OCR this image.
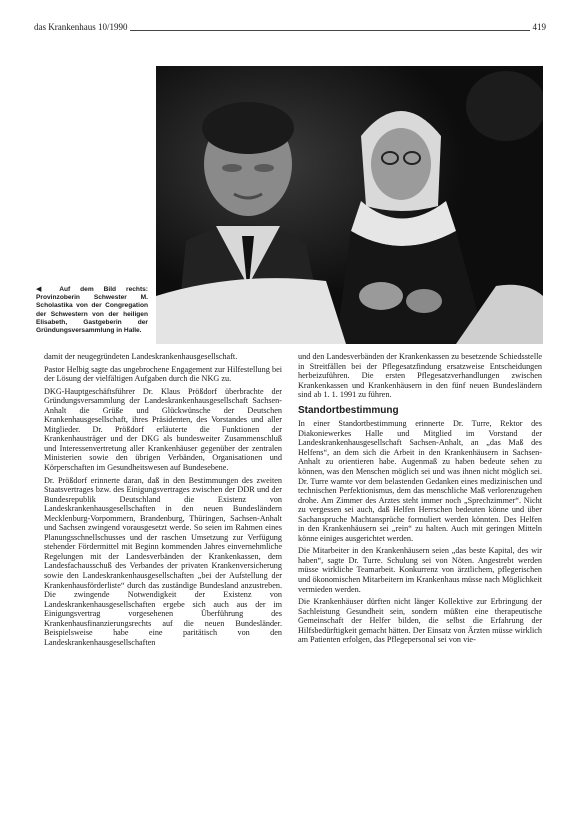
das Krankenhaus 10/1990	419
◀ Auf dem Bild rechts: Provinzoberin Schwester M. Scholastika von der Congregation der Schwestern von der heiligen Elisabeth, Gastgeberin der Gründungsversammlung in Halle.

damit der neugegründeten Landeskrankenhausgesellschaft.

Pastor Helbig sagte das ungebrochene Engagement zur Hilfestellung bei der Lösung der vielfältigen Aufgaben durch die NKG zu.

DKG-Hauptgeschäftsführer Dr. Klaus Prößdorf überbrachte der Gründungsversammlung der Landeskrankenhausgesellschaft Sachsen-Anhalt die Grüße und Glückwünsche der Deutschen Krankenhausgesellschaft, ihres Präsidenten, des Vorstandes und aller Mitglieder. Dr. Prößdorf erläuterte die Funktionen der Krankenhausträger und der DKG als bundesweiter Zusammenschluß und Interessenvertretung aller Krankenhäuser gegenüber der zentralen Ministerien sowie den übrigen Verbänden, Organisationen und Körperschaften im Gesundheitswesen auf Bundesebene.

Dr. Prößdorf erinnerte daran, daß in den Bestimmungen des zweiten Staatsvertrages bzw. des Einigungsvertrages zwischen der DDR und der Bundesrepublik Deutschland die Existenz von Landeskrankenhausgesellschaften in den neuen Bundesländern Mecklenburg-Vorpommern, Brandenburg, Thüringen, Sachsen-Anhalt und Sachsen zwingend vorausgesetzt werde. So seien im Rahmen eines Planungsschnellschusses und der raschen Umsetzung zur Verfügung stehender Fördermittel mit Beginn kommenden Jahres einvernehmliche Regelungen mit der Landesverbänden der Krankenkassen, dem Landesfachausschuß des Verbandes der privaten Krankenversicherung sowie den Landeskrankenhausgesellschaften „bei der Aufstellung der Krankenhausförderliste“ durch das zuständige Bundesland anzustreben. Die zwingende Notwendigkeit der Existenz von Landeskrankenhausgesellschaften ergebe sich auch aus der im Einigungsvertrag vorgesehenen Überführung des Krankenhausfinanzierungsrechts auf die neuen Bundesländer. Beispielsweise habe eine paritätisch von den Landeskrankenhausgesellschaften

und den Landesverbänden der Krankenkassen zu besetzende Schiedsstelle in Streitfällen bei der Pflegesatzfindung ersatzweise Entscheidungen herbeizuführen. Die ersten Pflegesatzverhandlungen zwischen Krankenkassen und Krankenhäusern in den fünf neuen Bundesländern sind ab 1. 1. 1991 zu führen.

Standortbestimmung

In einer Standortbestimmung erinnerte Dr. Turre, Rektor des Diakoniewerkes Halle und Mitglied im Vorstand der Landeskrankenhausgesellschaft Sachsen-Anhalt, an „das Maß des Helfens“, an dem sich die Arbeit in den Krankenhäusern in Sachsen-Anhalt zu orientieren habe. Augenmaß zu haben bedeute sehen zu können, was den Menschen möglich sei und was ihnen nicht möglich sei. Dr. Turre warnte vor dem belastenden Gedanken eines medizinischen und technischen Perfektionismus, dem das menschliche Maß verlorenzugehen drohe. Am Zimmer des Arztes steht immer noch „Sprechzimmer“. Nicht zu vergessen sei auch, daß Helfen Herrschen bedeuten könne und über Sachanspruche Machtansprüche formuliert werden könnten. Des Helfen in den Krankenhäusern sei „rein“ zu halten. Auch mit geringen Mitteln könne einiges ausgerichtet werden.

Die Mitarbeiter in den Krankenhäusern seien „das beste Kapital, des wir haben“, sagte Dr. Turre. Schulung sei von Nöten. Angestrebt werden müsse wirkliche Teamarbeit. Konkurrenz von ärztlichem, pflegerischen und ökonomischen Mitarbeitern im Krankenhaus müsse nach Möglichkeit vermieden werden.

Die Krankenhäuser dürften nicht länger Kollektive zur Erbringung der Sachleistung Gesundheit sein, sondern müßten eine therapeutische Gemeinschaft der Helfer bilden, die selbst die Erfahrung der Hilfsbedürftigkeit gemacht hätten. Der Einsatz von Ärzten müsse wirklich am Patienten erfolgen, das Pflegepersonal sei von vie-
